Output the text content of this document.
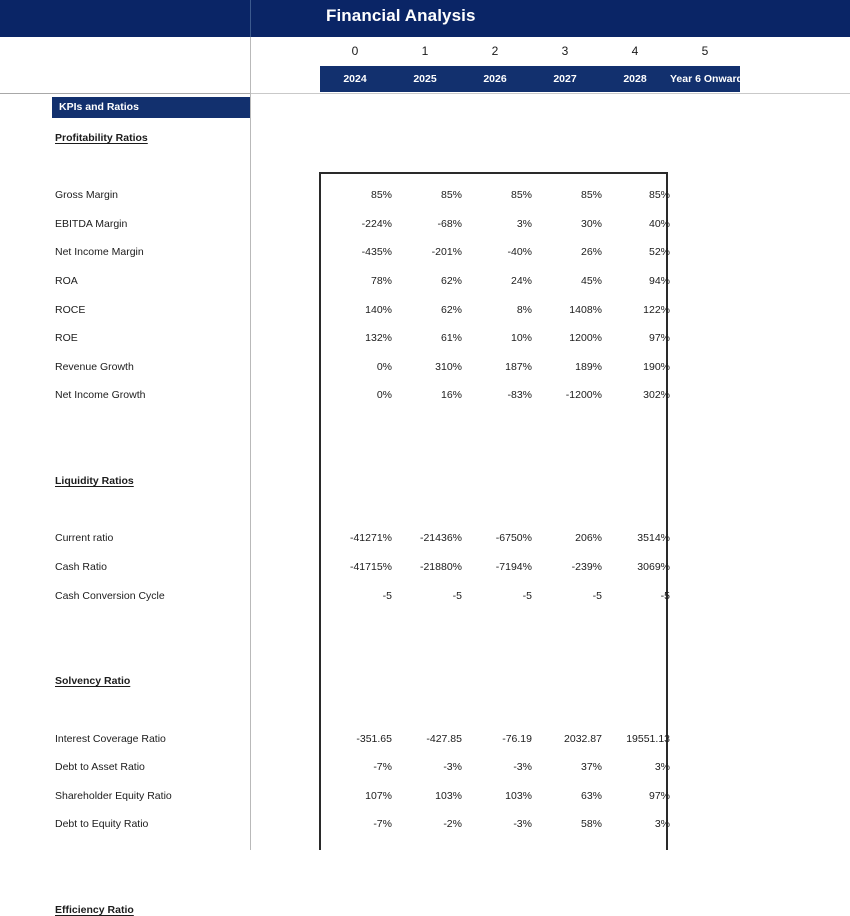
Financial Analysis
0	1	2	3	4	5
2024	2025	2026	2027	2028	Year 6 Onwards
KPIs and Ratios
Profitability Ratios
Gross Margin	85%	85%	85%	85%	85%
EBITDA Margin	-224%	-68%	3%	30%	40%
Net Income Margin	-435%	-201%	-40%	26%	52%
ROA	78%	62%	24%	45%	94%
ROCE	140%	62%	8%	1408%	122%
ROE	132%	61%	10%	1200%	97%
Revenue Growth	0%	310%	187%	189%	190%
Net Income Growth	0%	16%	-83%	-1200%	302%
Liquidity Ratios
Current ratio	-41271%	-21436%	-6750%	206%	3514%
Cash Ratio	-41715%	-21880%	-7194%	-239%	3069%
Cash Conversion Cycle	-5	-5	-5	-5	-5
Solvency Ratio
Interest Coverage Ratio	-351.65	-427.85	-76.19	2032.87	19551.13
Debt to Asset Ratio	-7%	-3%	-3%	37%	3%
Shareholder Equity Ratio	107%	103%	103%	63%	97%
Debt to Equity Ratio	-7%	-2%	-3%	58%	3%
Efficiency Ratio
